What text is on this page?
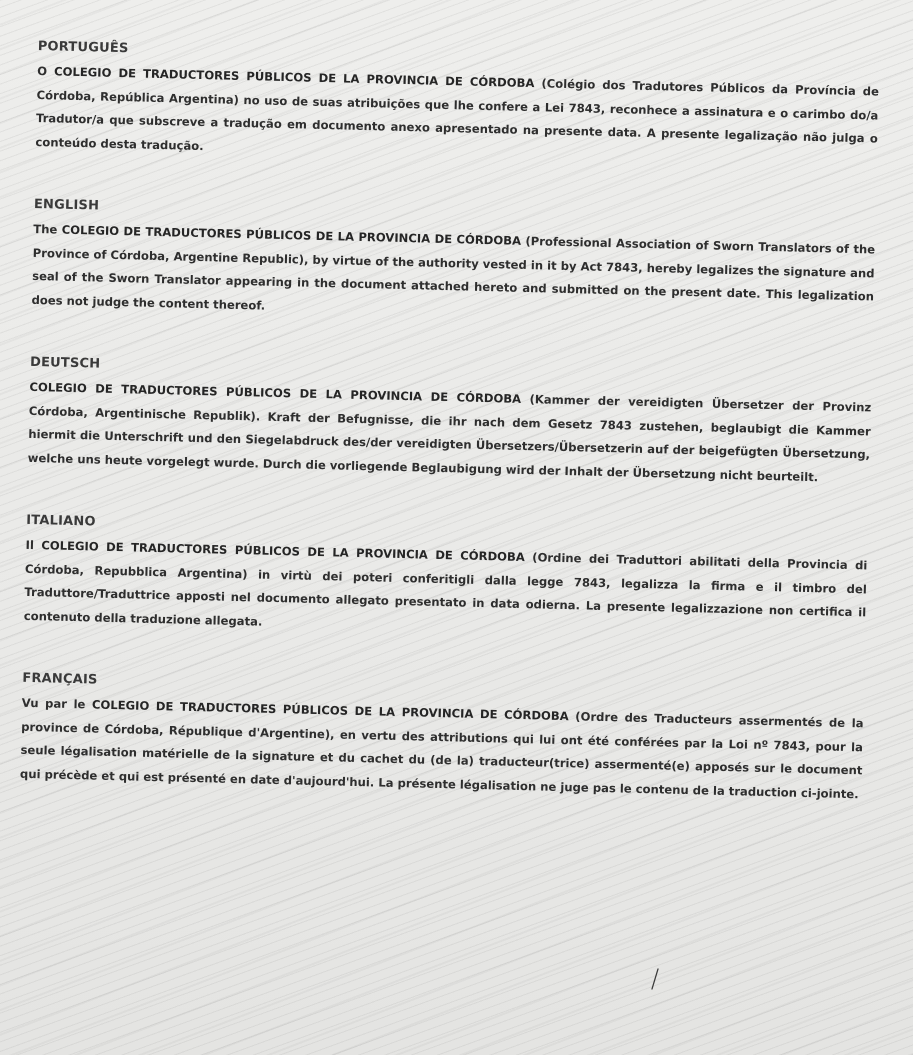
PORTUGUÊS

O COLEGIO DE TRADUCTORES PÚBLICOS DE LA PROVINCIA DE CÓRDOBA (Colégio dos Tradutores Públicos da Província de Córdoba, República Argentina) no uso de suas atribuições que lhe confere a Lei 7843, reconhece a assinatura e o carimbo do/a Tradutor/a que subscreve a tradução em documento anexo apresentado na presente data. A presente legalização não julga o conteúdo desta tradução.

ENGLISH

The COLEGIO DE TRADUCTORES PÚBLICOS DE LA PROVINCIA DE CÓRDOBA (Professional Association of Sworn Translators of the Province of Córdoba, Argentine Republic), by virtue of the authority vested in it by Act 7843, hereby legalizes the signature and seal of the Sworn Translator appearing in the document attached hereto and submitted on the present date. This legalization does not judge the content thereof.

DEUTSCH

COLEGIO DE TRADUCTORES PÚBLICOS DE LA PROVINCIA DE CÓRDOBA (Kammer der vereidigten Übersetzer der Provinz Córdoba, Argentinische Republik). Kraft der Befugnisse, die ihr nach dem Gesetz 7843 zustehen, beglaubigt die Kammer hiermit die Unterschrift und den Siegelabdruck des/der vereidigten Übersetzers/Übersetzerin auf der beigefügten Übersetzung, welche uns heute vorgelegt wurde. Durch die vorliegende Beglaubigung wird der Inhalt der Übersetzung nicht beurteilt.

ITALIANO

Il COLEGIO DE TRADUCTORES PÚBLICOS DE LA PROVINCIA DE CÓRDOBA (Ordine dei Traduttori abilitati della Provincia di Córdoba, Repubblica Argentina) in virtù dei poteri conferitigli dalla legge 7843, legalizza la firma e il timbro del Traduttore/Traduttrice apposti nel documento allegato presentato in data odierna. La presente legalizzazione non certifica il contenuto della traduzione allegata.

FRANÇAIS

Vu par le COLEGIO DE TRADUCTORES PÚBLICOS DE LA PROVINCIA DE CÓRDOBA (Ordre des Traducteurs assermentés de la province de Córdoba, République d'Argentine), en vertu des attributions qui lui ont été conférées par la Loi nº 7843, pour la seule légalisation matérielle de la signature et du cachet du (de la) traducteur(trice) assermenté(e) apposés sur le document qui précède et qui est présenté en date d'aujourd'hui. La présente légalisation ne juge pas le contenu de la traduction ci-jointe.
